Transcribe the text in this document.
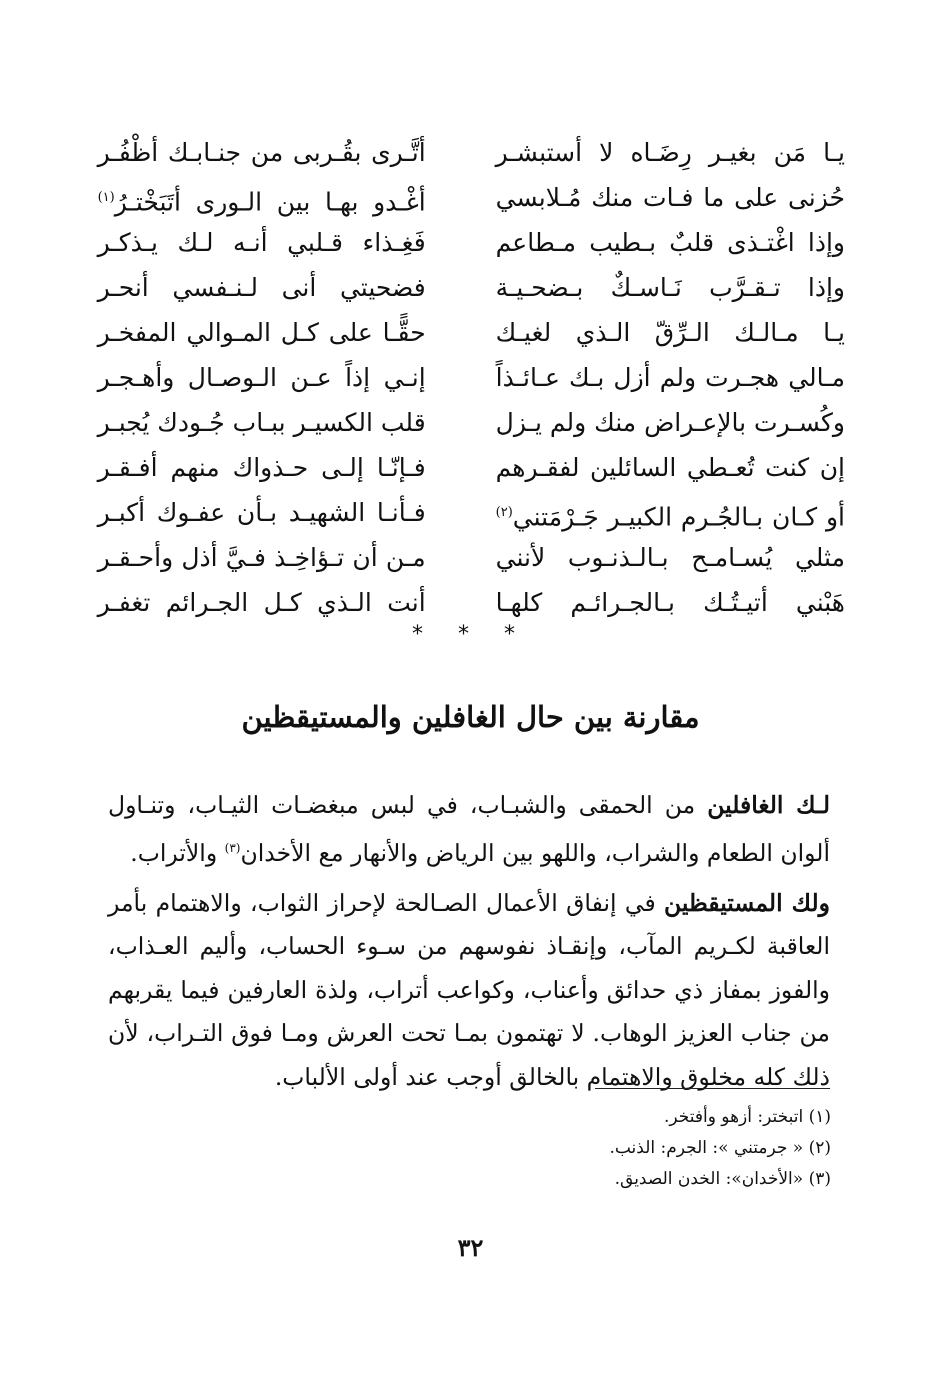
يـا مَن بغيـر رِضَـاه لا أستبشـر
أتَّـرى بقُـربى من جنـابـك أظْفُـر
حُزنى على ما فـات منك مُـلابسي
أغْـدو بهـا بين الـورى أتَبَخْتـرُ$^{(١)}$
وإذا اغْتـذى قلبٌ بـطيب مـطاعم
فَغِـذاء قـلبي أنـه لـك يـذكـر
وإذا تـقـرَّب نَـاسـكٌ بـضحـيـة
فضحيتي أنى لـنـفسي أنحـر
يـا مـالـك الـرِّقّ الـذي لغيـك
حقًّـا على كـل المـوالي المفخـر
مـالي هجـرت ولم أزل بـك عـائـذاً
إنـي إذاً عـن الـوصـال وأهـجـر
وكُسـرت بالإعـراض منك ولم يـزل
قلب الكسيـر ببـاب جُـودك يُجبـر
إن كنت تُعـطي السائلين لفقـرهم
فـإنّـا إلـى حـذواك منهم أفـقـر
أو كـان بـالجُـرم الكبيـر جَـرْمَتني$^{(٢)}$
فـأنـا الشهيـد بـأن عفـوك أكبـر
مثلي يُسـامـح بـالـذنـوب لأنني
مـن أن تـؤاخِـذ فـيَّ أذل وأحـقـر
هَبْني أتيـتُـك بـالجـرائـم كلهـا
أنت الـذي كـل الجـرائم تغفـر
* * *
مقارنة بين حال الغافلين والمستيقظين

لـك الغافلين من الحمقى والشبـاب، في لبس مبغضـات الثيـاب، وتنـاول ألوان الطعام والشراب، واللهو بين الرياض والأنهار مع الأخدان$^{(٣)}$ والأتراب.

ولك المستيقظين في إنفاق الأعمال الصـالحة لإحراز الثواب، والاهتمام بأمر العاقبة لكـريم المآب، وإنقـاذ نفوسهم من سـوء الحساب، وأليم العـذاب، والفوز بمفاز ذي حدائق وأعناب، وكواعب أتراب، ولذة العارفين فيما يقربهم من جناب العزيز الوهاب. لا تهتمون بمـا تحت العرش ومـا فوق التـراب، لأن ذلك كله مخلوق والاهتمام بالخالق أوجب عند أولى الألباب.

(١) اتبختر: أزهو وأفتخر.
(٢) « جرمتني »: الجرم: الذنب.
(٣) «الأخدان»: الخدن الصديق.
٣٢
